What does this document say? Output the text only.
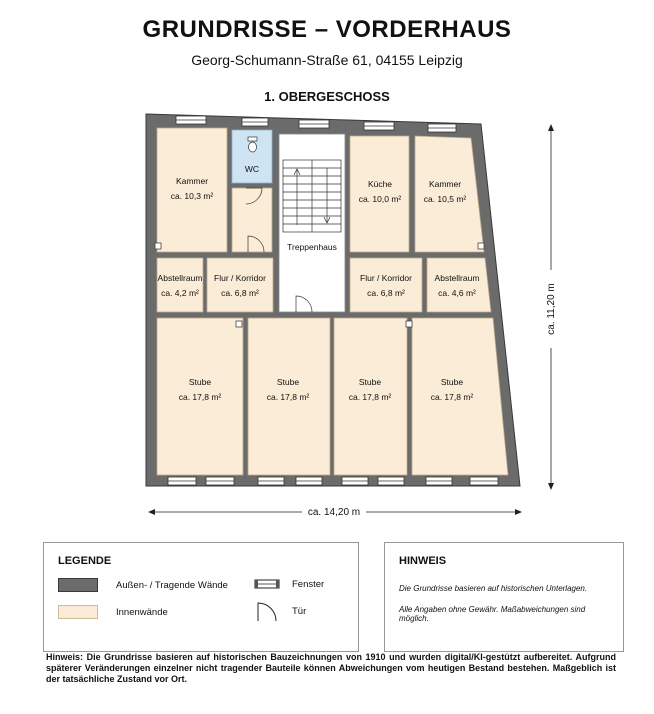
GRUNDRISSE – VORDERHAUS
Georg-Schumann-Straße 61, 04155 Leipzig
1. OBERGESCHOSS
WC
Kammer
ca. 10,3 m²
Treppenhaus
Küche
ca. 10,0 m²
Kammer
ca. 10,5 m²
Abstellraum
ca. 4,2 m²
Flur / Korridor
ca. 6,8 m²
Flur / Korridor
ca. 6,8 m²
Abstellraum
ca. 4,6 m²
Stube
ca. 17,8 m²
Stube
ca. 17,8 m²
Stube
ca. 17,8 m²
Stube
ca. 17,8 m²
ca. 14,20 m
ca. 11,20 m
LEGENDE
Außen- / Tragende Wände
Innenwände
Fenster
Tür
HINWEIS

Die Grundrisse basieren auf historischen Unterlagen.

Alle Angaben ohne Gewähr. Maßabweichungen sind möglich.

Hinweis: Die Grundrisse basieren auf historischen Bauzeichnungen von 1910 und wurden digital/KI-gestützt aufbereitet. Aufgrund späterer Veränderungen einzelner nicht tragender Bauteile können Abweichungen vom heutigen Bestand bestehen. Maßgeblich ist der tatsächliche Zustand vor Ort.
